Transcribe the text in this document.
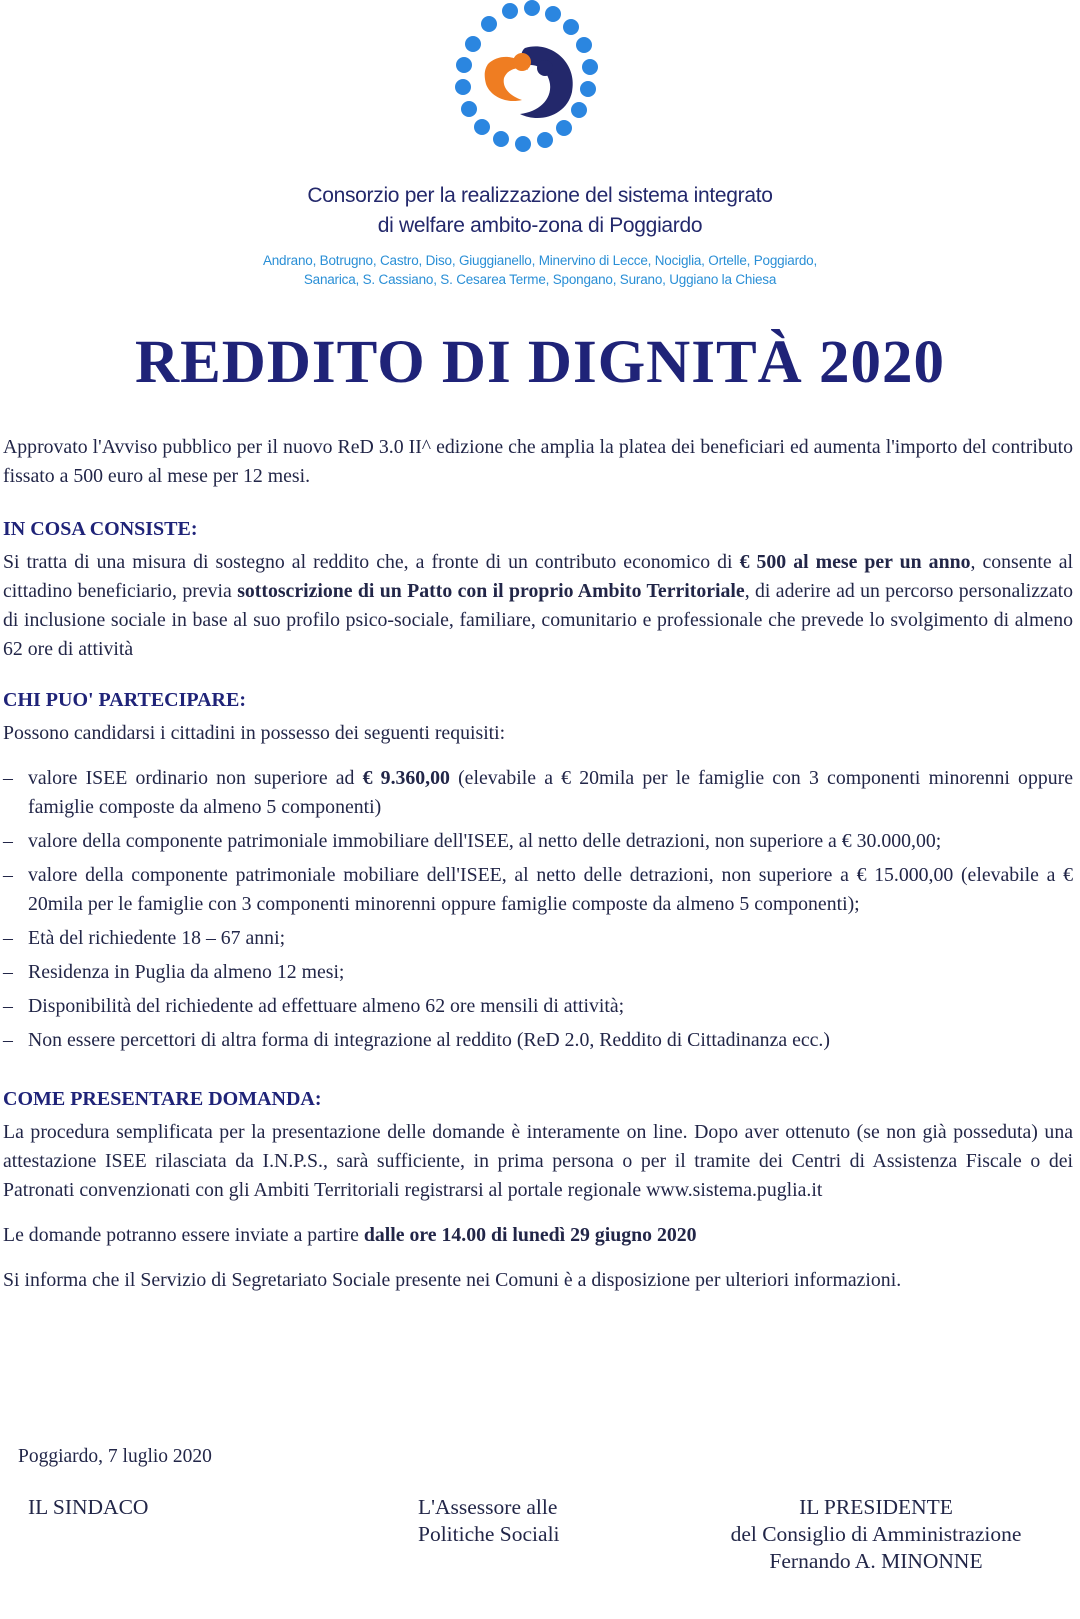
Consorzio per la realizzazione del sistema integrato
di welfare ambito-zona di Poggiardo
Andrano, Botrugno, Castro, Diso, Giuggianello, Minervino di Lecce, Nociglia, Ortelle, Poggiardo,
Sanarica, S. Cassiano, S. Cesarea Terme, Spongano, Surano, Uggiano la Chiesa
REDDITO DI DIGNITÀ 2020

Approvato l'Avviso pubblico per il nuovo ReD 3.0 II^ edizione che amplia la platea dei beneficiari ed aumenta l'importo del contributo fissato a 500 euro al mese per 12 mesi.

IN COSA CONSISTE:

Si tratta di una misura di sostegno al reddito che, a fronte di un contributo economico di € 500 al mese per un anno, consente al cittadino beneficiario, previa sottoscrizione di un Patto con il proprio Ambito Territoriale, di aderire ad un percorso personalizzato di inclusione sociale in base al suo profilo psico-sociale, familiare, comunitario e professionale che prevede lo svolgimento di almeno 62 ore di attività

CHI PUO' PARTECIPARE:

Possono candidarsi i cittadini in possesso dei seguenti requisiti:

– valore ISEE ordinario non superiore ad € 9.360,00 (elevabile a € 20mila per le famiglie con 3 componenti minorenni oppure famiglie composte da almeno 5 componenti)
– valore della componente patrimoniale immobiliare dell'ISEE, al netto delle detrazioni, non superiore a € 30.000,00;
– valore della componente patrimoniale mobiliare dell'ISEE, al netto delle detrazioni, non superiore a € 15.000,00 (elevabile a € 20mila per le famiglie con 3 componenti minorenni oppure famiglie composte da almeno 5 componenti);
– Età del richiedente 18 – 67 anni;
– Residenza in Puglia da almeno 12 mesi;
– Disponibilità del richiedente ad effettuare almeno 62 ore mensili di attività;
– Non essere percettori di altra forma di integrazione al reddito (ReD 2.0, Reddito di Cittadinanza ecc.)

COME PRESENTARE DOMANDA:

La procedura semplificata per la presentazione delle domande è interamente on line. Dopo aver ottenuto (se non già posseduta) una attestazione ISEE rilasciata da I.N.P.S., sarà sufficiente, in prima persona o per il tramite dei Centri di Assistenza Fiscale o dei Patronati convenzionati con gli Ambiti Territoriali registrarsi al portale regionale www.sistema.puglia.it

Le domande potranno essere inviate a partire dalle ore 14.00 di lunedì 29 giugno 2020

Si informa che il Servizio di Segretariato Sociale presente nei Comuni è a disposizione per ulteriori informazioni.

Poggiardo, 7 luglio 2020
IL SINDACO	L'Assessore alle
Politiche Sociali
IL PRESIDENTE
del Consiglio di Amministrazione
Fernando A. MINONNE
